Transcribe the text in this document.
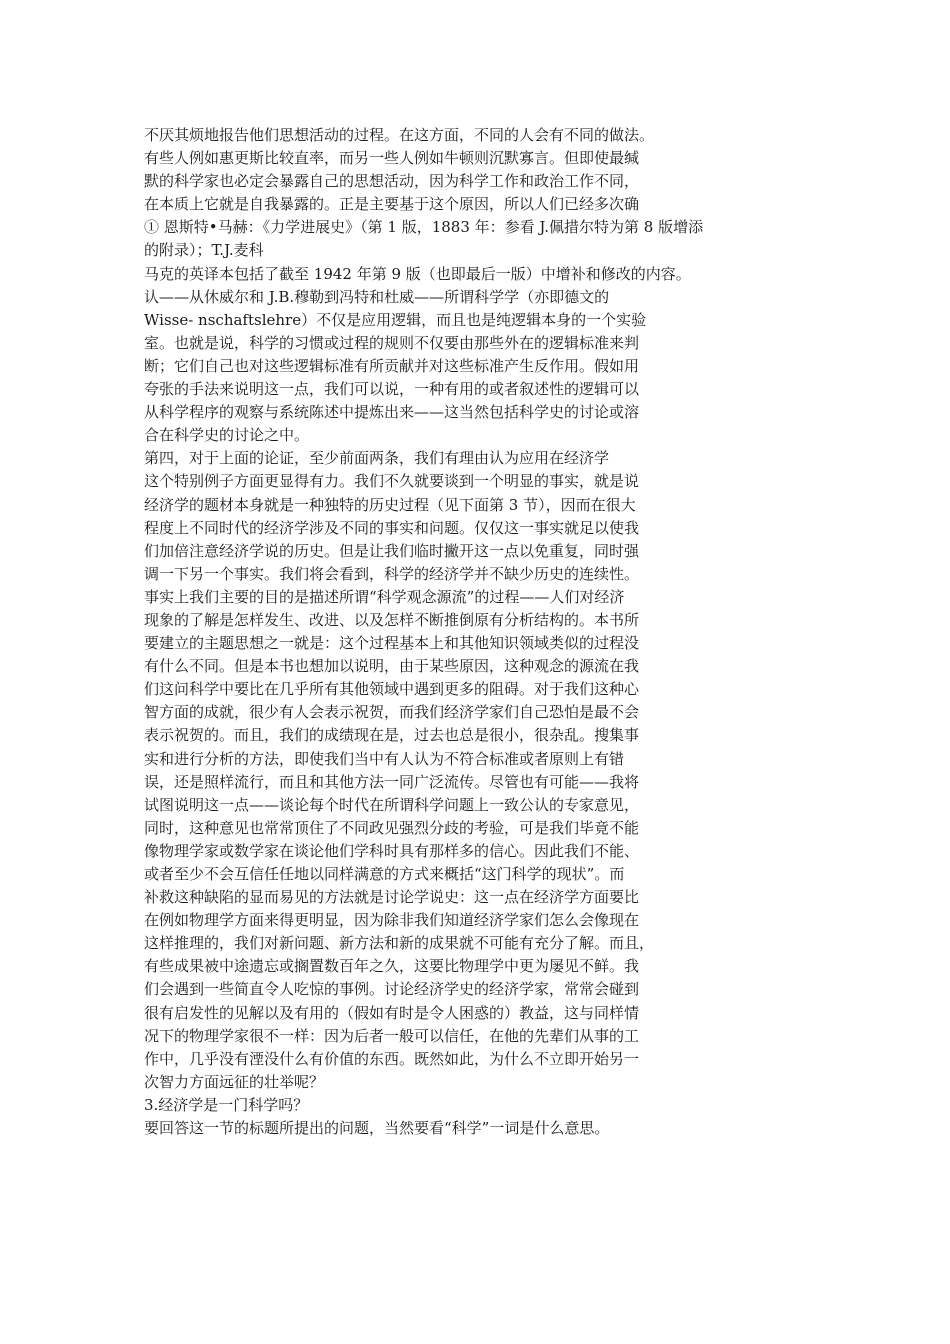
不厌其烦地报告他们思想活动的过程。在这方面，不同的人会有不同的做法。
有些人例如惠更斯比较直率，而另一些人例如牛顿则沉默寡言。但即使最缄
默的科学家也必定会暴露自己的思想活动，因为科学工作和政治工作不同，
在本质上它就是自我暴露的。正是主要基于这个原因，所以人们已经多次确
① 恩斯特•马赫：《力学进展史》（第 1 版，1883 年：参看 J.佩措尔特为第 8 版增添
的附录）；T.J.麦科
马克的英译本包括了截至 1942 年第 9 版（也即最后一版）中增补和修改的内容。
认——从休威尔和 J.B.穆勒到冯特和杜威——所谓科学学（亦即德文的
Wisse- nschaftslehre）不仅是应用逻辑，而且也是纯逻辑本身的一个实验
室。也就是说，科学的习惯或过程的规则不仅要由那些外在的逻辑标准来判
断；它们自己也对这些逻辑标准有所贡献并对这些标准产生反作用。假如用
夸张的手法来说明这一点，我们可以说，一种有用的或者叙述性的逻辑可以
从科学程序的观察与系统陈述中提炼出来——这当然包括科学史的讨论或溶
合在科学史的讨论之中。
第四，对于上面的论证，至少前面两条，我们有理由认为应用在经济学
这个特别例子方面更显得有力。我们不久就要谈到一个明显的事实，就是说
经济学的题材本身就是一种独特的历史过程（见下面第 3 节），因而在很大
程度上不同时代的经济学涉及不同的事实和问题。仅仅这一事实就足以使我
们加倍注意经济学说的历史。但是让我们临时撇开这一点以免重复，同时强
调一下另一个事实。我们将会看到，科学的经济学并不缺少历史的连续性。
事实上我们主要的目的是描述所谓“科学观念源流”的过程——人们对经济
现象的了解是怎样发生、改进、以及怎样不断推倒原有分析结构的。本书所
要建立的主题思想之一就是：这个过程基本上和其他知识领域类似的过程没
有什么不同。但是本书也想加以说明，由于某些原因，这种观念的源流在我
们这问科学中要比在几乎所有其他领域中遇到更多的阻碍。对于我们这种心
智方面的成就，很少有人会表示祝贺，而我们经济学家们自己恐怕是最不会
表示祝贺的。而且，我们的成绩现在是，过去也总是很小，很杂乱。搜集事
实和进行分析的方法，即使我们当中有人认为不符合标准或者原则上有错
误，还是照样流行，而且和其他方法一同广泛流传。尽管也有可能——我将
试图说明这一点——谈论每个时代在所谓科学问题上一致公认的专家意见，
同时，这种意见也常常顶住了不同政见强烈分歧的考验，可是我们毕竟不能
像物理学家或数学家在谈论他们学科时具有那样多的信心。因此我们不能、
或者至少不会互信任任地以同样满意的方式来概括“这门科学的现状”。而
补救这种缺陷的显而易见的方法就是讨论学说史：这一点在经济学方面要比
在例如物理学方面来得更明显，因为除非我们知道经济学家们怎么会像现在
这样推理的，我们对新问题、新方法和新的成果就不可能有充分了解。而且，
有些成果被中途遗忘或搁置数百年之久，这要比物理学中更为屡见不鲜。我
们会遇到一些简直令人吃惊的事例。讨论经济学史的经济学家，常常会碰到
很有启发性的见解以及有用的（假如有时是令人困惑的）教益，这与同样情
况下的物理学家很不一样：因为后者一般可以信任，在他的先辈们从事的工
作中，几乎没有湮没什么有价值的东西。既然如此，为什么不立即开始另一
次智力方面远征的壮举呢？
3.经济学是一门科学吗？
要回答这一节的标题所提出的问题，当然要看“科学”一词是什么意思。
